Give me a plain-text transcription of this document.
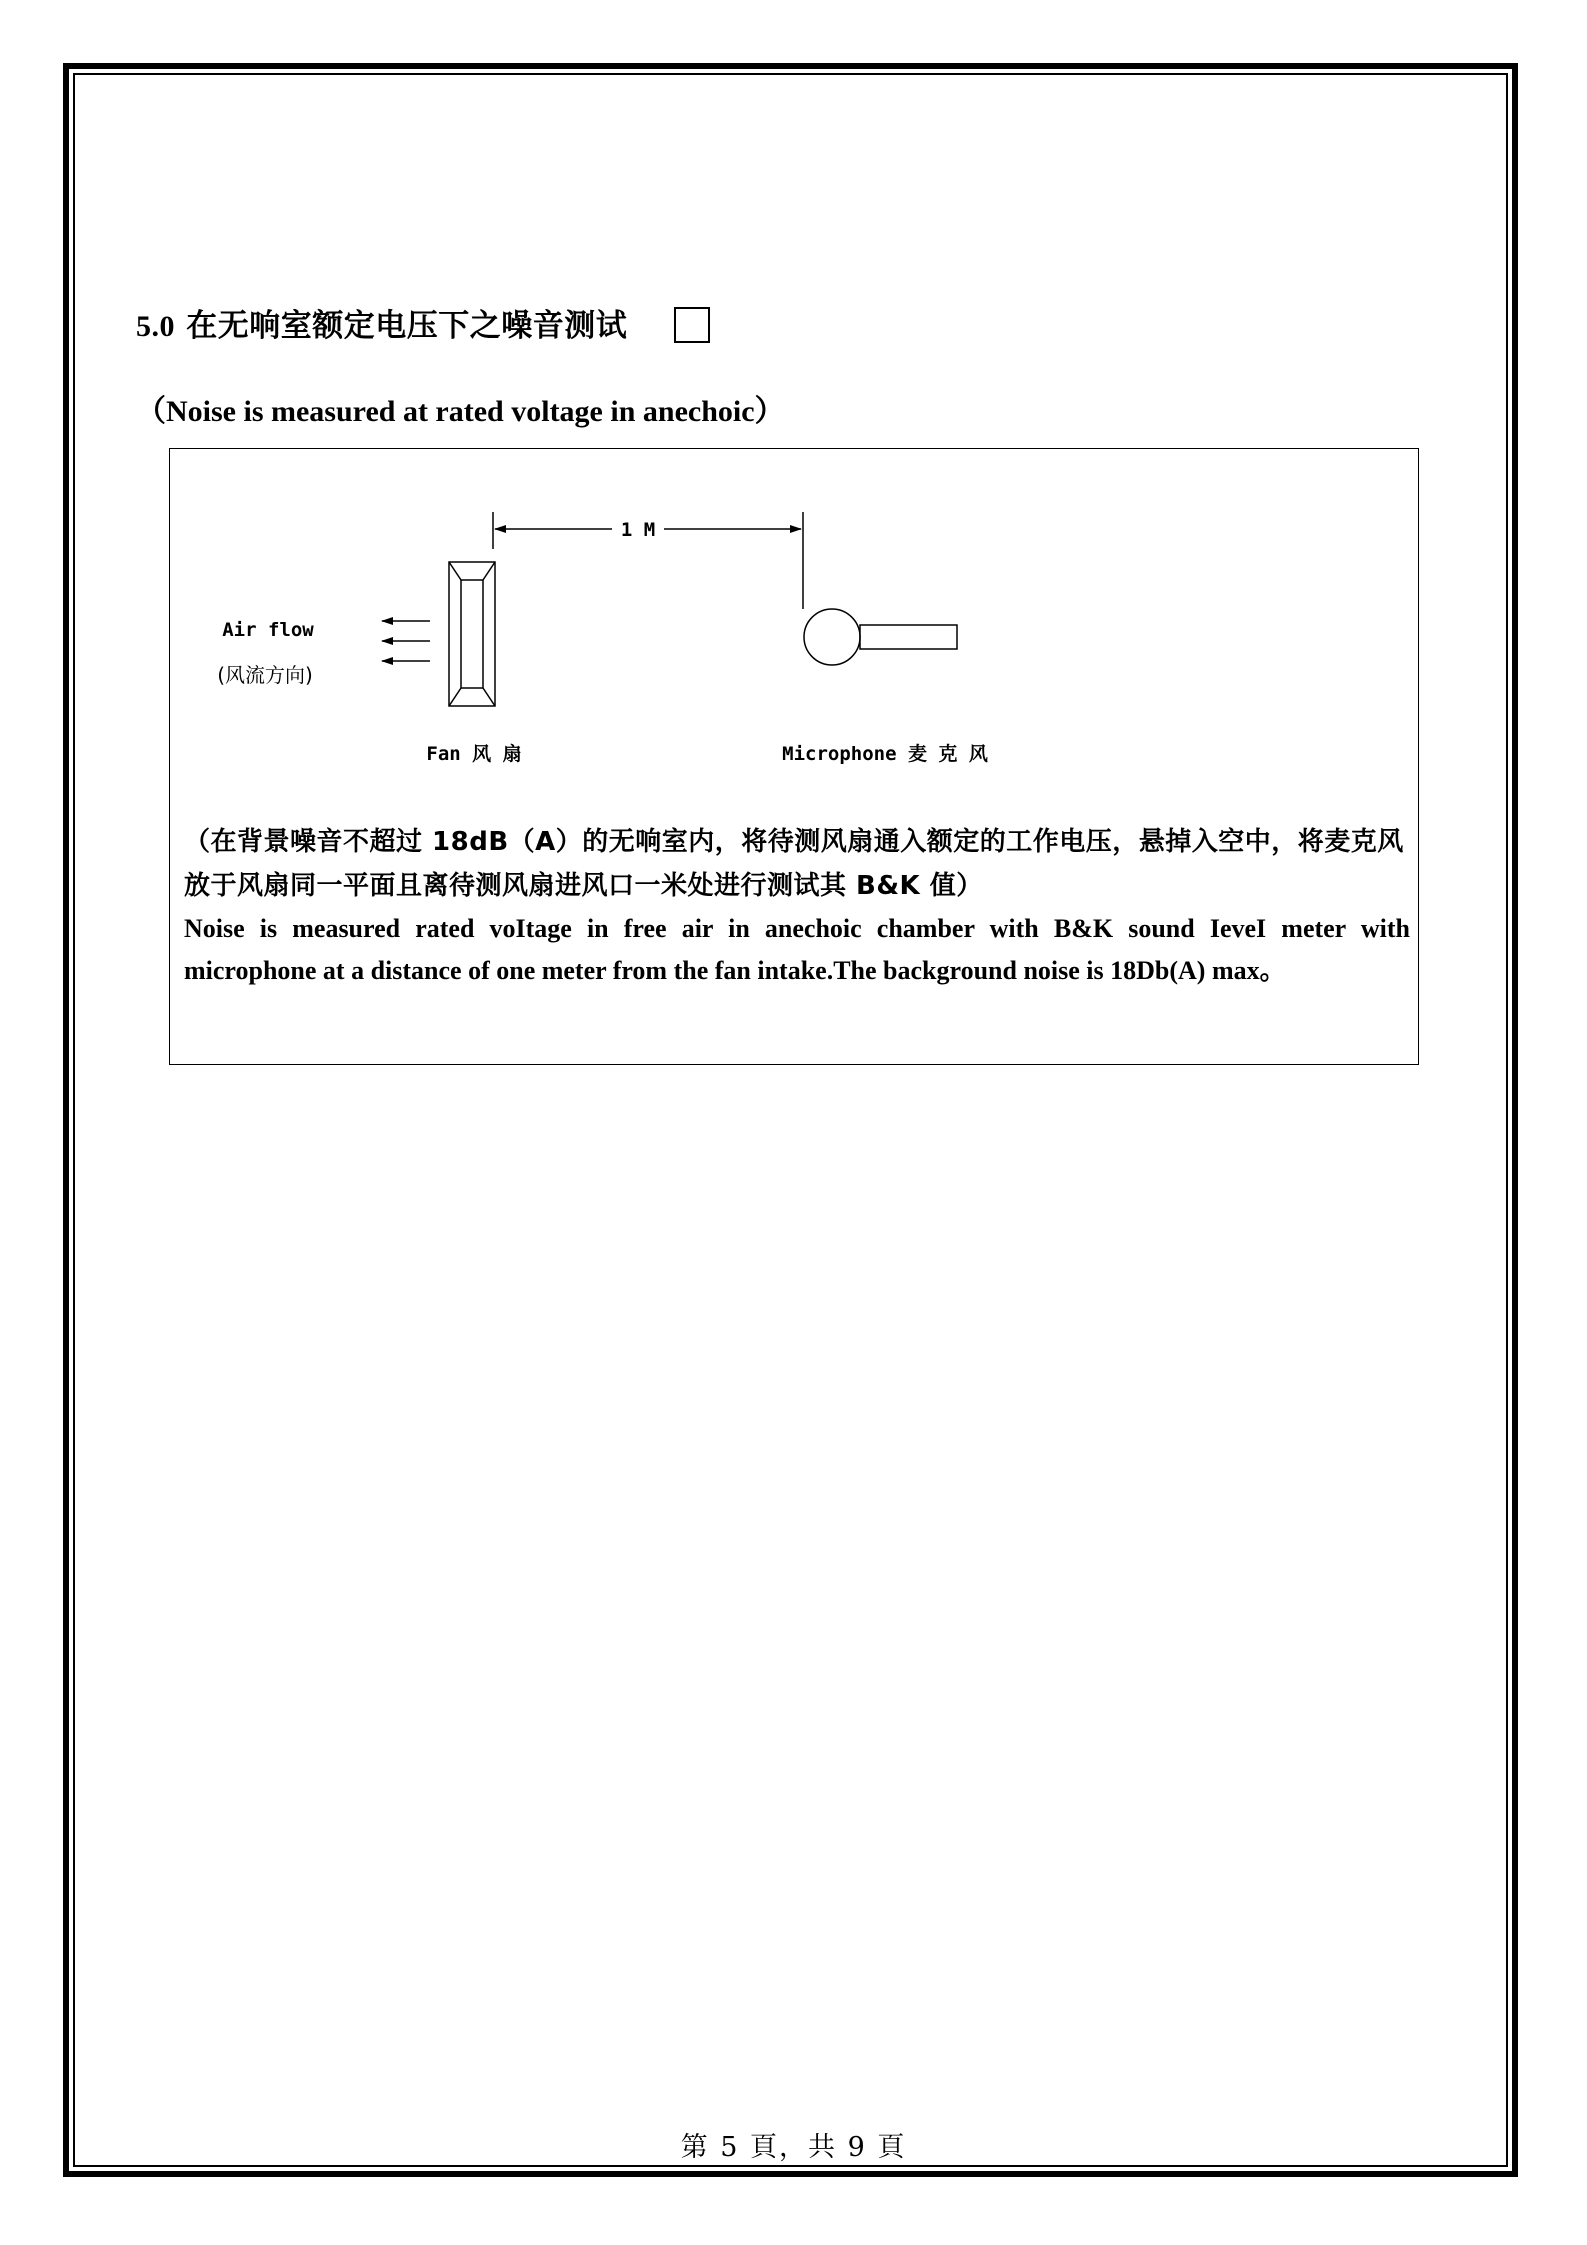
5.0 在无响室额定电压下之噪音测试
（Noise is measured at rated voltage in anechoic）
1 M
Air flow
(风流方向)
Fan 风 扇	Microphone 麦 克 风
（在背景噪音不超过 18dB（A）的无响室内，将待测风扇通入额定的工作电压，悬掉入空中，将麦克风放于风扇同一平面且离待测风扇进风口一米处进行测试其 B&K 值）
Noise is measured rated voItage in free air in anechoic chamber with B&K sound IeveI meter with microphone at a distance of one meter from the fan intake.The background noise is 18Db(A) max。
第 5 頁，共 9 頁
